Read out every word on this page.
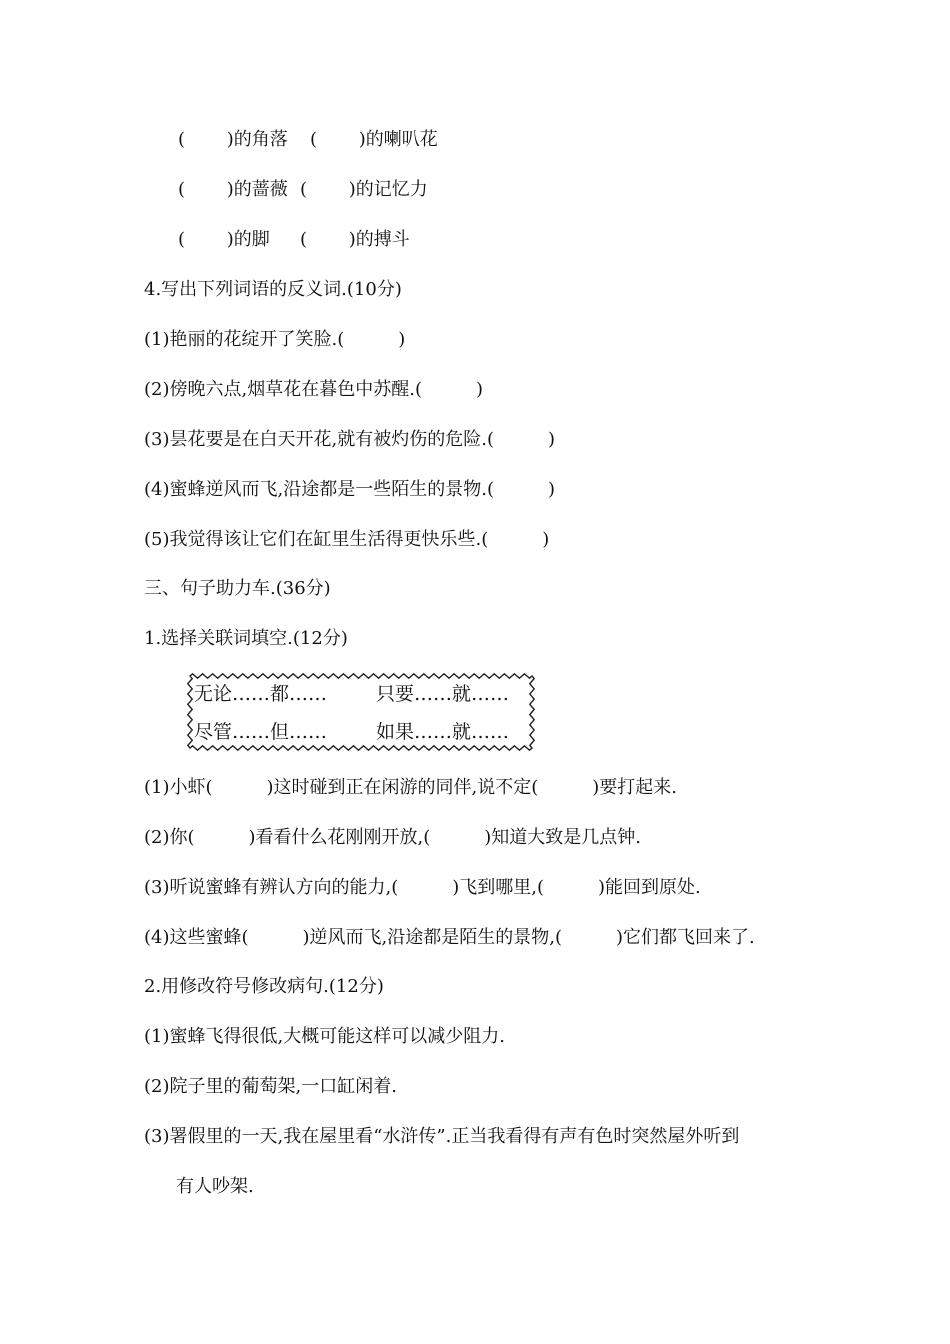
(　　 )的角落 (　　 )的喇叭花
(　　 )的蔷薇 (　　 )的记忆力
(　　 )的脚 (　　 )的搏斗
4.写出下列词语的反义词.(10分)
(1)艳丽的花绽开了笑脸.(　　　)
(2)傍晚六点,烟草花在暮色中苏醒.(　　　)
(3)昙花要是在白天开花,就有被灼伤的危险.(　　　)
(4)蜜蜂逆风而飞,沿途都是一些陌生的景物.(　　　)
(5)我觉得该让它们在缸里生活得更快乐些.(　　　)
三、句子助力车.(36分)
1.选择关联词填空.(12分)
无论……都……	只要……就……
尽管……但……	如果……就……
(1)小虾(　　　)这时碰到正在闲游的同伴,说不定(　　　)要打起来.
(2)你(　　　)看看什么花刚刚开放,(　　　)知道大致是几点钟.
(3)听说蜜蜂有辨认方向的能力,(　　　)飞到哪里,(　　　)能回到原处.
(4)这些蜜蜂(　　　)逆风而飞,沿途都是陌生的景物,(　　　)它们都飞回来了.
2.用修改符号修改病句.(12分)
(1)蜜蜂飞得很低,大概可能这样可以减少阻力.
(2)院子里的葡萄架,一口缸闲着.
(3)署假里的一天,我在屋里看“水浒传”.正当我看得有声有色时突然屋外听到
有人吵架.
